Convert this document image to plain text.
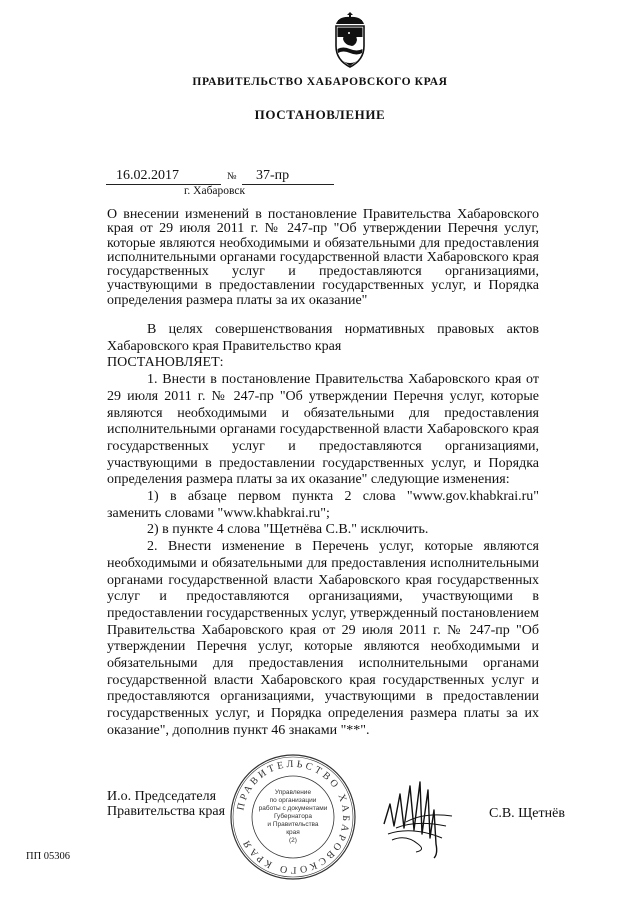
ПРАВИТЕЛЬСТВО ХАБАРОВСКОГО КРАЯ
ПОСТАНОВЛЕНИЕ
16.02.2017	№ 37-пр
г. Хабаровск
О внесении изменений в постановление Правительства Хабаровского края от 29 июля 2011 г. № 247-пр "Об утверждении Перечня услуг, которые являются необходимыми и обязательными для предоставления исполнительными органами государственной власти Хабаровского края государственных услуг и предоставляются организациями, участвующими в предоставлении государственных услуг, и Порядка определения размера платы за их оказание"

В целях совершенствования нормативных правовых актов Хабаровского края Правительство края

ПОСТАНОВЛЯЕТ:

1. Внести в постановление Правительства Хабаровского края от 29 июля 2011 г. № 247-пр "Об утверждении Перечня услуг, которые являются необходимыми и обязательными для предоставления исполнительными органами государственной власти Хабаровского края государственных услуг и предоставляются организациями, участвующими в предоставлении государственных услуг, и Порядка определения размера платы за их оказание" следующие изменения:

1) в абзаце первом пункта 2 слова "www.gov.khabkrai.ru" заменить словами "www.khabkrai.ru";

2) в пункте 4 слова "Щетнёва С.В." исключить.

2. Внести изменение в Перечень услуг, которые являются необходимыми и обязательными для предоставления исполнительными органами государственной власти Хабаровского края государственных услуг и предоставляются организациями, участвующими в предоставлении государственных услуг, утвержденный постановлением Правительства Хабаровского края от 29 июля 2011 г. № 247-пр "Об утверждении Перечня услуг, которые являются необходимыми и обязательными для предоставления исполнительными органами государственной власти Хабаровского края государственных услуг и предоставляются организациями, участвующими в предоставлении государственных услуг, и Порядка определения размера платы за их оказание", дополнив пункт 46 знаками "**".

И.о. Председателя
Правительства края ПРАВИТЕЛЬСТВО ХАБАРОВСКОГО КРАЯ
Управление
по организации
работы с документами
Губернатора
и Правительства
края
(2)
С.В. Щетнёв
ПП 05306
